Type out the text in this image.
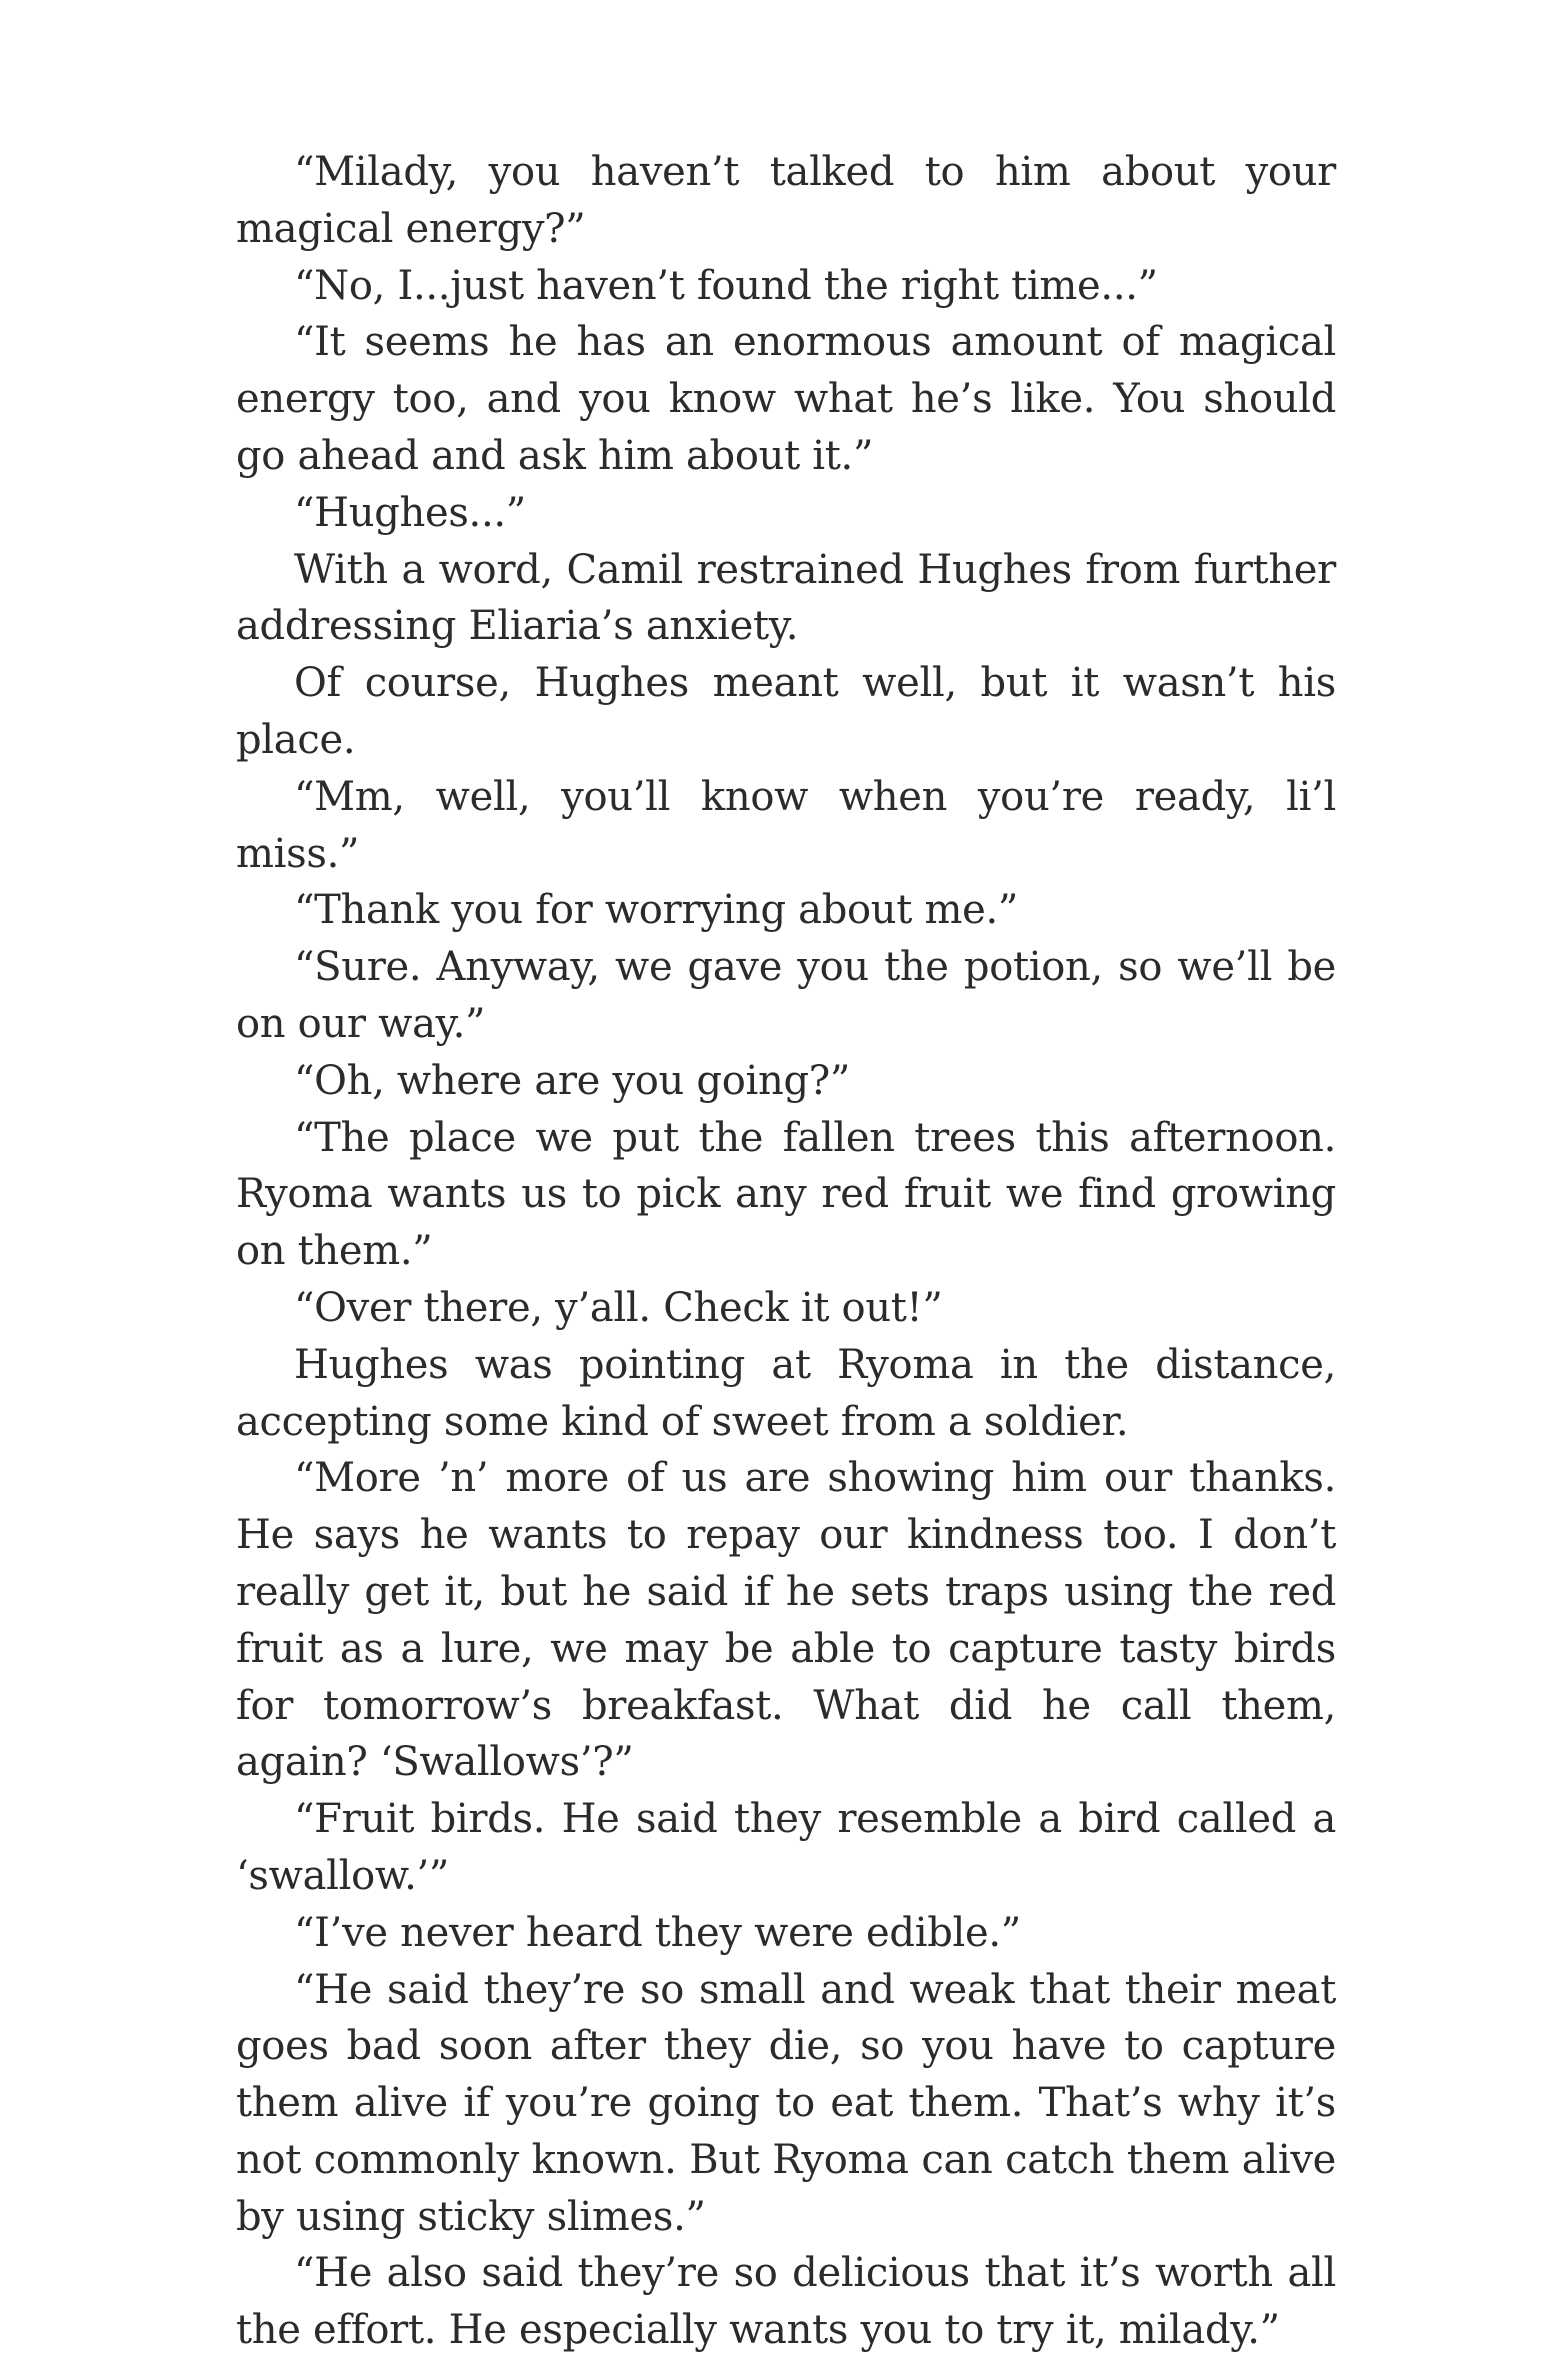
“Milady, you haven’t talked to him about your magical energy?”

“No, I...just haven’t found the right time...”

“It seems he has an enormous amount of magical energy too, and you know what he’s like. You should go ahead and ask him about it.”

“Hughes...”

With a word, Camil restrained Hughes from further addressing Eliaria’s anxiety.

Of course, Hughes meant well, but it wasn’t his place.

“Mm, well, you’ll know when you’re ready, li’l miss.”

“Thank you for worrying about me.”

“Sure. Anyway, we gave you the potion, so we’ll be on our way.”

“Oh, where are you going?”

“The place we put the fallen trees this afternoon. Ryoma wants us to pick any red fruit we find growing on them.”

“Over there, y’all. Check it out!”

Hughes was pointing at Ryoma in the distance, accepting some kind of sweet from a soldier.

“More ’n’ more of us are showing him our thanks. He says he wants to repay our kindness too. I don’t really get it, but he said if he sets traps using the red fruit as a lure, we may be able to capture tasty birds for tomorrow’s breakfast. What did he call them, again? ‘Swallows’?”

“Fruit birds. He said they resemble a bird called a ‘swallow.’”

“I’ve never heard they were edible.”

“He said they’re so small and weak that their meat goes bad soon after they die, so you have to capture them alive if you’re going to eat them. That’s why it’s not commonly known. But Ryoma can catch them alive by using sticky slimes.”

“He also said they’re so delicious that it’s worth all the effort. He especially wants you to try it, milady.”
